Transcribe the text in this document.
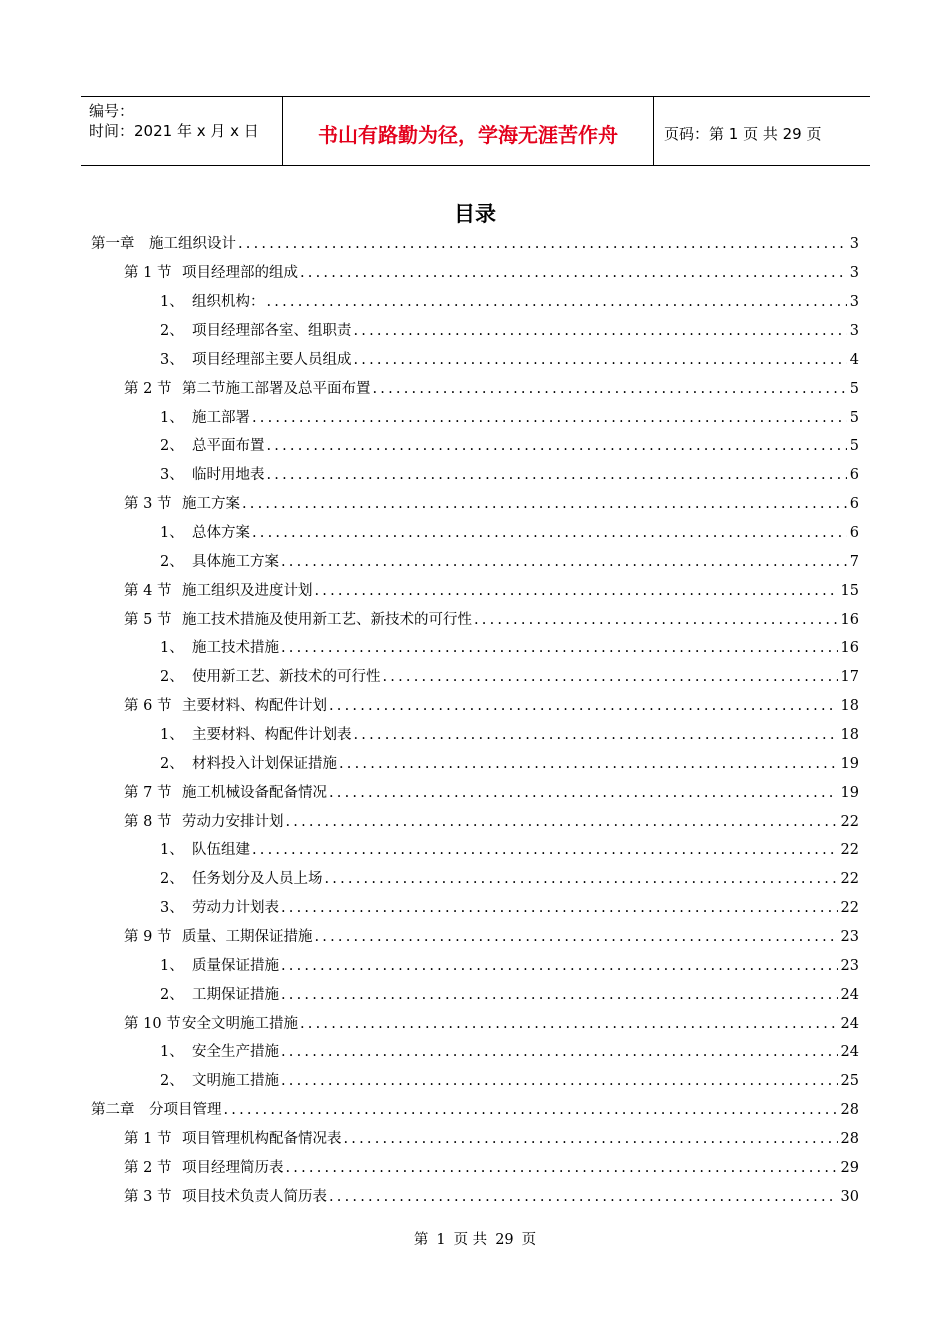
编号：
时间：2021 年 x 月 x 日	书山有路勤为径，学海无涯苦作舟	页码：第 1 页 共 29 页
目录
第一章	施工组织设计 .....	3
第 1 节 项目经理部的组成 .....	3
1、 组织机构： .....	3
2、 项目经理部各室、组职责 .....	3
3、 项目经理部主要人员组成 .....	4
第 2 节 第二节施工部署及总平面布置 .....	5
1、 施工部署 .....	5
2、 总平面布置 .....	5
3、 临时用地表 .....	6
第 3 节 施工方案 .....	6
1、 总体方案 .....	6
2、 具体施工方案 .....	7
第 4 节 施工组织及进度计划 .....	15
第 5 节 施工技术措施及使用新工艺、新技术的可行性 .....	16
1、 施工技术措施 .....	16
2、 使用新工艺、新技术的可行性 .....	17
第 6 节 主要材料、构配件计划 .....	18
1、 主要材料、构配件计划表 .....	18
2、 材料投入计划保证措施 .....	19
第 7 节 施工机械设备配备情况 .....	19
第 8 节 劳动力安排计划 .....	22
1、 队伍组建 .....	22
2、 任务划分及人员上场 .....	22
3、 劳动力计划表 .....	22
第 9 节 质量、工期保证措施 .....	23
1、 质量保证措施 .....	23
2、 工期保证措施 .....	24
第 10 节 安全文明施工措施 .....	24
1、 安全生产措施 .....	24
2、 文明施工措施 .....	25
第二章	分项目管理 .....	28
第 1 节 项目管理机构配备情况表 .....	28
第 2 节 项目经理简历表 .....	29
第 3 节 项目技术负责人简历表 .....	30
第 1 页 共 29 页
